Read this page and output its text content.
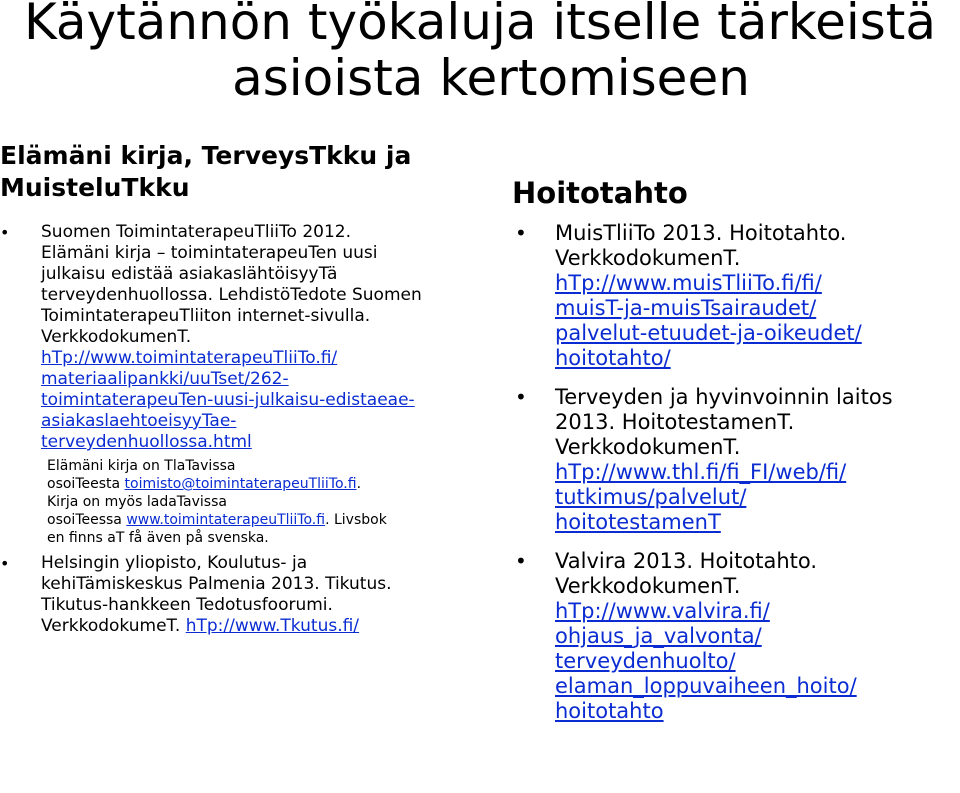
Käytännön työkaluja itselle tärkeistä
asioista kertomiseen
Elämäni kirja, TerveysTkku ja
MuisteluTkku
• Suomen ToimintaterapeuTliiTo 2012.
Elämäni kirja – toimintaterapeuTen uusi
julkaisu edistää asiakaslähtöisyyTä
terveydenhuollossa. LehdistöTedote Suomen
ToimintaterapeuTliiton internet-sivulla.
VerkkodokumenT.
hTp://www.toimintaterapeuTliiTo.fi/
materiaalipankki/uuTset/262-
toimintaterapeuTen-uusi-julkaisu-edistaeae-
asiakaslaehtoeisyyTae-
terveydenhuollossa.html
Elämäni kirja on TlaTavissa
osoiTeesta toimisto@toimintaterapeuTliiTo.fi.
Kirja on myös ladaTavissa
osoiTeessa www.toimintaterapeuTliiTo.fi. Livsbok
en finns aT få även på svenska.
• Helsingin yliopisto, Koulutus- ja
kehiTämiskeskus Palmenia 2013. Tikutus.
Tikutus-hankkeen Tedotusfoorumi.
VerkkodokumeT. hTp://www.Tkutus.fi/
Hoitotahto
• MuisTliiTo 2013. Hoitotahto.
VerkkodokumenT.
hTp://www.muisTliiTo.fi/fi/
muisT-ja-muisTsairaudet/
palvelut-etuudet-ja-oikeudet/
hoitotahto/
• Terveyden ja hyvinvoinnin laitos
2013. HoitotestamenT.
VerkkodokumenT.
hTp://www.thl.fi/fi_FI/web/fi/
tutkimus/palvelut/
hoitotestamenT
• Valvira 2013. Hoitotahto.
VerkkodokumenT.
hTp://www.valvira.fi/
ohjaus_ja_valvonta/
terveydenhuolto/
elaman_loppuvaiheen_hoito/
hoitotahto
